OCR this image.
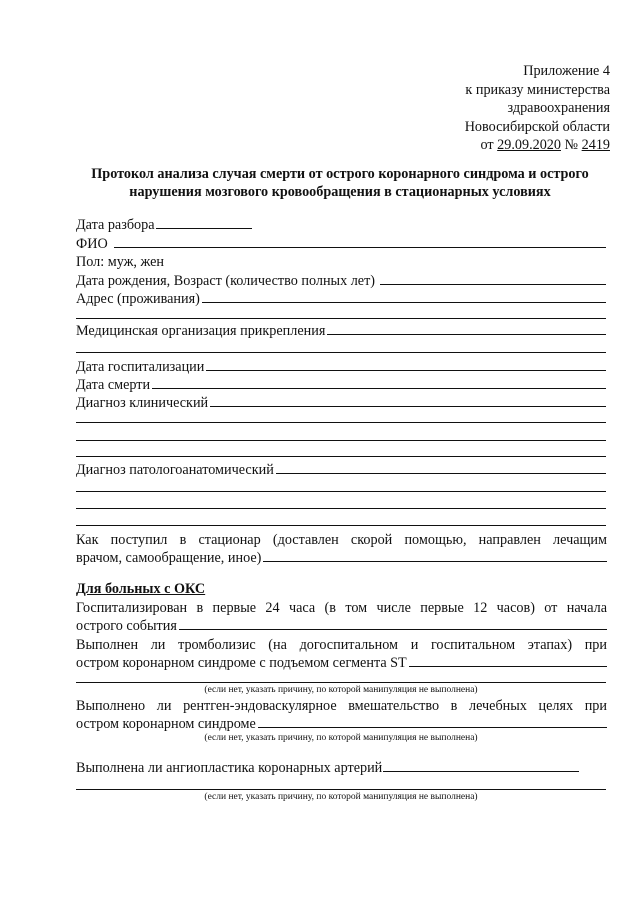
Приложение 4
к приказу министерства
здравоохранения
Новосибирской области
от 29.09.2020 № 2419
Протокол анализа случая смерти от острого коронарного синдрома и острого
нарушения мозгового кровообращения в стационарных условиях
Дата разбора
ФИО
Пол: муж, жен
Дата рождения, Возраст (количество полных лет)
Адрес (проживания)
Медицинская организация прикрепления
Дата госпитализации
Дата смерти
Диагноз клинический
Диагноз патологоанатомический
Как поступил в стационар (доставлен скорой помощью, направлен лечащим
врачом, самообращение, иное)
Для больных с ОКС
Госпитализирован в первые 24 часа (в том числе первые 12 часов) от начала
острого события
Выполнен ли тромболизис (на догоспитальном и госпитальном этапах) при
остром коронарном синдроме с подъемом сегмента ST
(если нет, указать причину, по которой манипуляция не выполнена)
Выполнено ли рентген-эндоваскулярное вмешательство в лечебных целях при
остром коронарном синдроме
(если нет, указать причину, по которой манипуляция не выполнена)
Выполнена ли ангиопластика коронарных артерий
(если нет, указать причину, по которой манипуляция не выполнена)
